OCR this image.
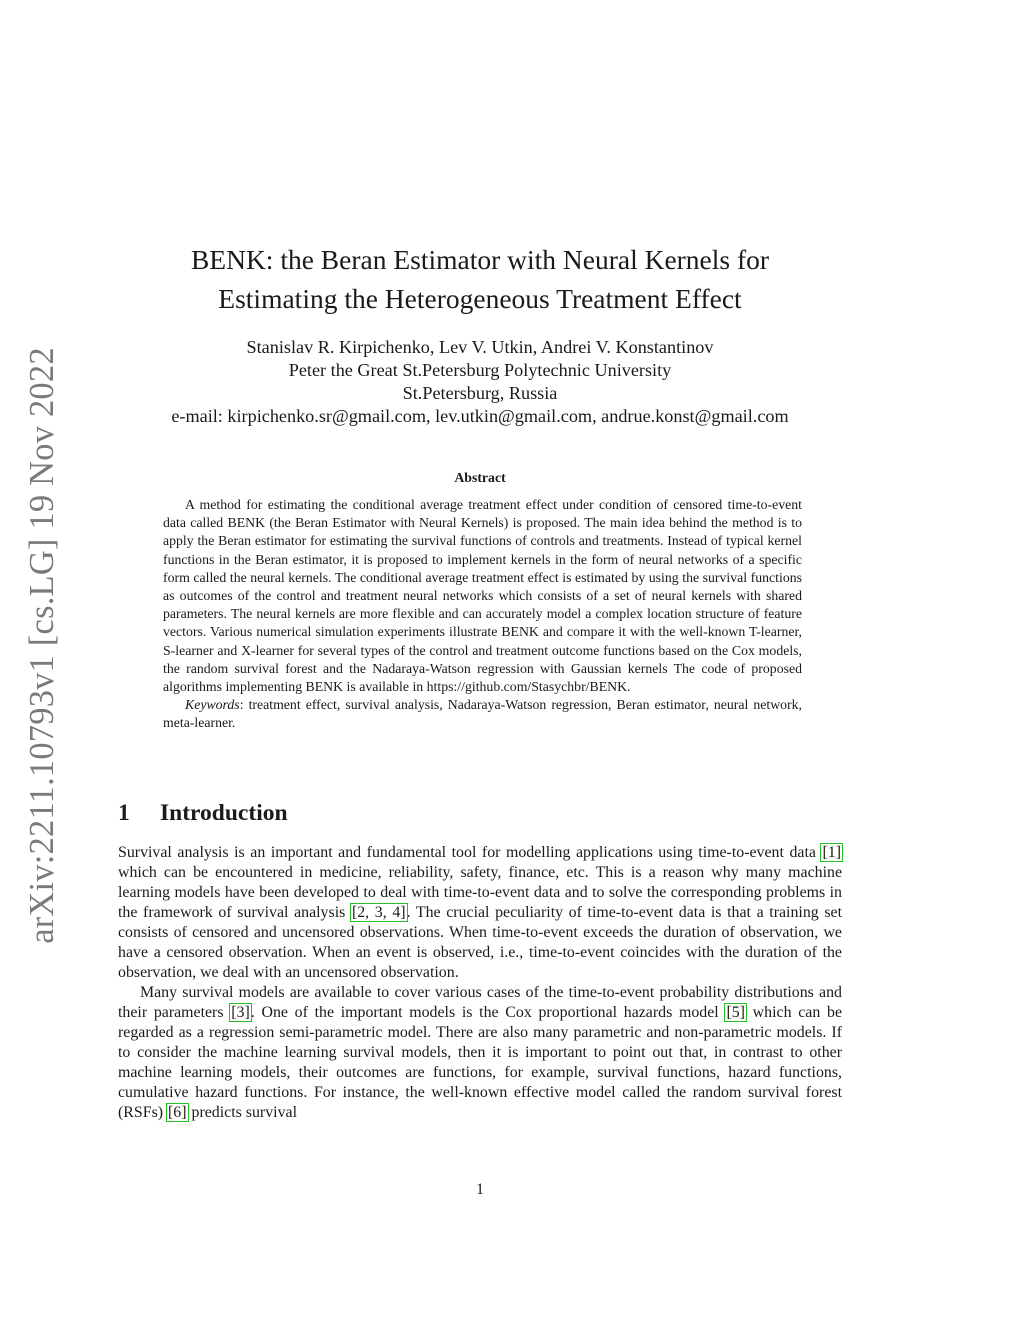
arXiv:2211.10793v1 [cs.LG] 19 Nov 2022
BENK: the Beran Estimator with Neural Kernels for
Estimating the Heterogeneous Treatment Effect
Stanislav R. Kirpichenko, Lev V. Utkin, Andrei V. Konstantinov
Peter the Great St.Petersburg Polytechnic University
St.Petersburg, Russia
e-mail: kirpichenko.sr@gmail.com, lev.utkin@gmail.com, andrue.konst@gmail.com
Abstract

A method for estimating the conditional average treatment effect under condition of censored time-to-event data called BENK (the Beran Estimator with Neural Kernels) is proposed. The main idea behind the method is to apply the Beran estimator for estimating the survival functions of controls and treatments. Instead of typical kernel functions in the Beran estimator, it is proposed to implement kernels in the form of neural networks of a specific form called the neural kernels. The conditional average treatment effect is estimated by using the survival functions as outcomes of the control and treatment neural networks which consists of a set of neural kernels with shared parameters. The neural kernels are more flexible and can accurately model a complex location structure of feature vectors. Various numerical simulation experiments illustrate BENK and compare it with the well-known T-learner, S-learner and X-learner for several types of the control and treatment outcome functions based on the Cox models, the random survival forest and the Nadaraya-Watson regression with Gaussian kernels The code of proposed algorithms implementing BENK is available in https://github.com/Stasychbr/BENK.

Keywords: treatment effect, survival analysis, Nadaraya-Watson regression, Beran estimator, neural network, meta-learner.

1 Introduction

Survival analysis is an important and fundamental tool for modelling applications using time-to-event data [1] which can be encountered in medicine, reliability, safety, finance, etc. This is a reason why many machine learning models have been developed to deal with time-to-event data and to solve the corresponding problems in the framework of survival analysis [2, 3, 4]. The crucial peculiarity of time-to-event data is that a training set consists of censored and uncensored observations. When time-to-event exceeds the duration of observation, we have a censored observation. When an event is observed, i.e., time-to-event coincides with the duration of the observation, we deal with an uncensored observation.

Many survival models are available to cover various cases of the time-to-event probability distributions and their parameters [3]. One of the important models is the Cox proportional hazards model [5] which can be regarded as a regression semi-parametric model. There are also many parametric and non-parametric models. If to consider the machine learning survival models, then it is important to point out that, in contrast to other machine learning models, their outcomes are functions, for example, survival functions, hazard functions, cumulative hazard functions. For instance, the well-known effective model called the random survival forest (RSFs) [6] predicts survival

1
